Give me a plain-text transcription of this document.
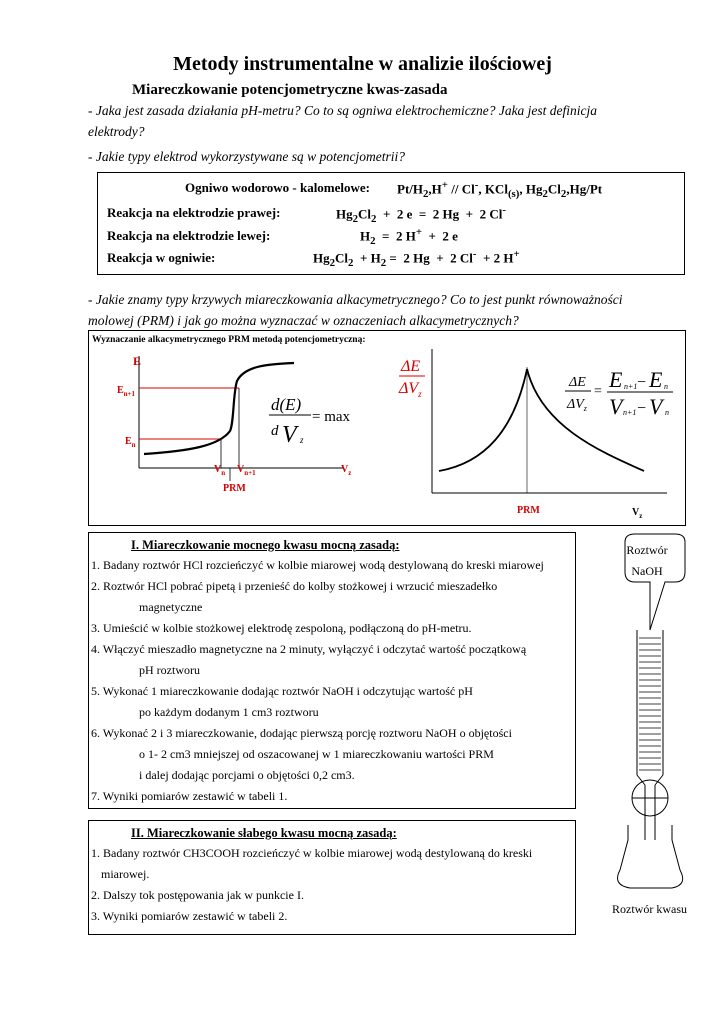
Metody instrumentalne w analizie ilościowej
Miareczkowanie potencjometryczne kwas-zasada
- Jaka jest zasada działania pH-metru? Co to są ogniwa elektrochemiczne? Jaka jest definicja elektrody?
- Jakie typy elektrod wykorzystywane są w potencjometrii?
Ogniwo wodorowo - kalomelowe: $Pt/H_2,H^+ // Cl^-$, KCl$_{(s)}$, $Hg_2Cl_2,Hg/Pt$
Reakcja na elektrodzie prawej:	$Hg_2Cl_2 + 2$ e  =  2 Hg  +  2 Cl-
Reakcja na elektrodzie lewej:	$H_2 = 2$ H+  +  2 e
Reakcja w ogniwie:	$Hg_2Cl_2 + H_2 = 2$ Hg  +  2 Cl-  + 2 H+
- Jakie znamy typy krzywych miareczkowania alkacymetrycznego? Co to jest punkt równoważności molowej (PRM) i jak go można wyznaczać w oznaczeniach alkacymetrycznych?
Wyznaczanie alkacymetrycznego PRM metodą potencjometryczną:
E
$E_{n+1}$
$E_n$
$V_n$ $V_{n+1}$	$V_z$
PRM
d(E)
d V z
= max
ΔE
$\Delta V_z$
PRM	$V_z$
ΔE
$\Delta V_z$
= E n+1 − E n
V n+1 − V n
I. Miareczkowanie mocnego kwasu mocną zasadą:
1. Badany roztwór HCl rozcieńczyć w kolbie miarowej wodą destylowaną do kreski miarowej
2. Roztwór HCl pobrać pipetą i przenieść do kolby stożkowej i wrzucić mieszadełko
magnetyczne
3. Umieścić w kolbie stożkowej elektrodę zespoloną, podłączoną do pH-metru.
4. Włączyć mieszadło magnetyczne na 2 minuty, wyłączyć i odczytać wartość początkową
pH roztworu
5. Wykonać 1 miareczkowanie dodając roztwór NaOH i odczytując wartość pH
po każdym dodanym 1 cm3 roztworu
6. Wykonać 2 i 3 miareczkowanie, dodając pierwszą porcję roztworu NaOH o objętości
o 1- 2 cm3 mniejszej od oszacowanej w 1 miareczkowaniu wartości PRM
i dalej dodając porcjami o objętości 0,2 cm3.
7. Wyniki pomiarów zestawić w tabeli 1.
II. Miareczkowanie słabego kwasu mocną zasadą:
1. Badany roztwór CH3COOH rozcieńczyć w kolbie miarowej wodą destylowaną do kreski
miarowej.
2. Dalszy tok postępowania jak w punkcie I.
3. Wyniki pomiarów zestawić w tabeli 2.
Roztwór
NaOH
Roztwór kwasu
